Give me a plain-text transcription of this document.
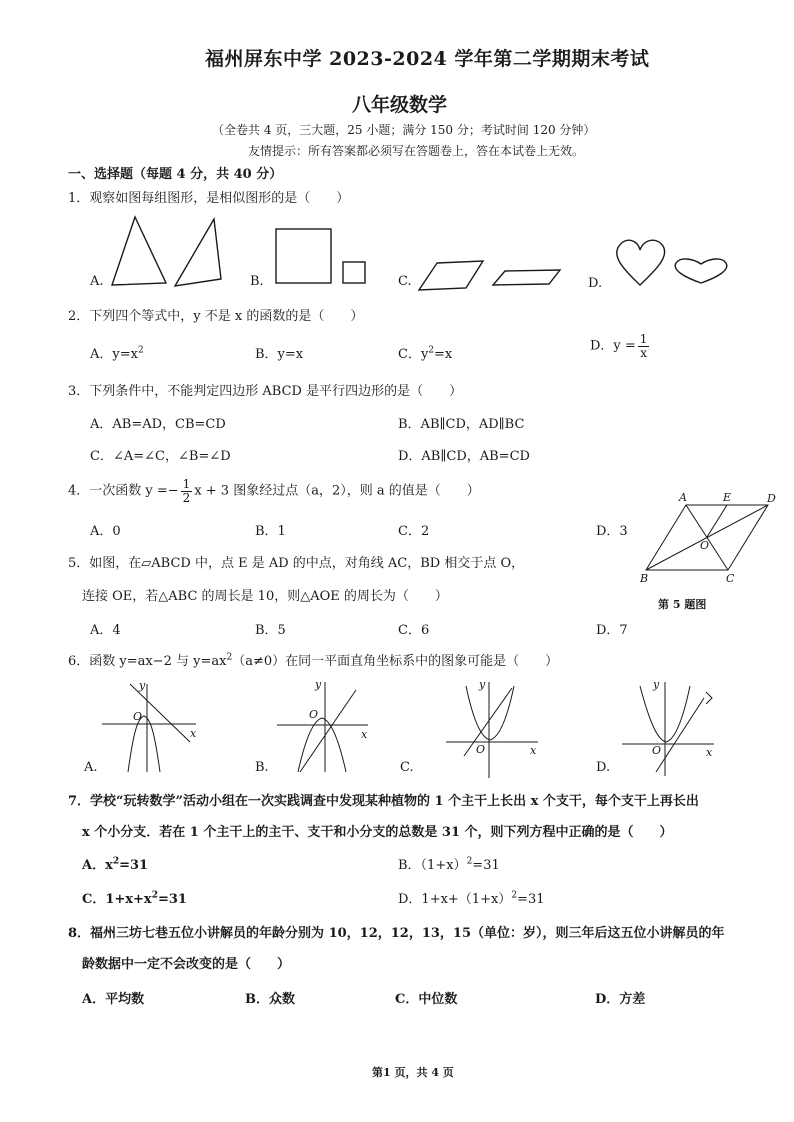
福州屏东中学 2023-2024 学年第二学期期末考试
八年级数学
（全卷共 4 页，三大题，25 小题；满分 150 分；考试时间 120 分钟）
友情提示：所有答案都必须写在答题卷上，答在本试卷上无效。
一、选择题（每题 4 分，共 40 分）
1．观察如图每组图形，是相似图形的是（　　）
A.	B.	C.	D.
2．下列四个等式中，y 不是 x 的函数的是（　　）
A．$y=x^2$	B．y=x	C．$y^2=x$
D．$y = \frac{1}{x}$
3．下列条件中，不能判定四边形 ABCD 是平行四边形的是（　　）
A．AB=AD，CB=CD	B．AB∥CD，AD∥BC
C．∠A=∠C，∠B=∠D	D．AB∥CD，AB=CD
4．一次函数 $y =- \frac{1}{2}$ x + 3 图象经过点（a，2），则 a 的值是（　　）
A．0	B．1	C．2	D．3
5．如图，在▱ABCD 中，点 E 是 AD 的中点，对角线 AC，BD 相交于点 O，
连接 OE，若△ABC 的周长是 10，则△AOE 的周长为（　　）
A．4	B．5	C．6	D．7
第 5 题图
A	E	D
O
B	C
6．函数 y=ax−2 与 $y=ax^2(a\ne 0)$在同一平面直角坐标系中的图象可能是（　　）
A.	B.	C.	D.
y
x
O
y
x
O
y
x
O
y
x
O
7．学校“玩转数学”活动小组在一次实践调查中发现某种植物的 1 个主干上长出 x 个支干，每个支干上再长出
x 个小分支．若在 1 个主干上的主干、支干和小分支的总数是 31 个，则下列方程中正确的是（　　）
A．$x^2=31$	B．$(1+x)^2=31$
C．$1+x+x^2=31$	D．$1+x+(1+x)^2=31$
8．福州三坊七巷五位小讲解员的年龄分别为 10，12，12，13，15（单位：岁），则三年后这五位小讲解员的年
龄数据中一定不会改变的是（　　）
A．平均数	B．众数	C．中位数	D．方差
第1 页，共 4 页
